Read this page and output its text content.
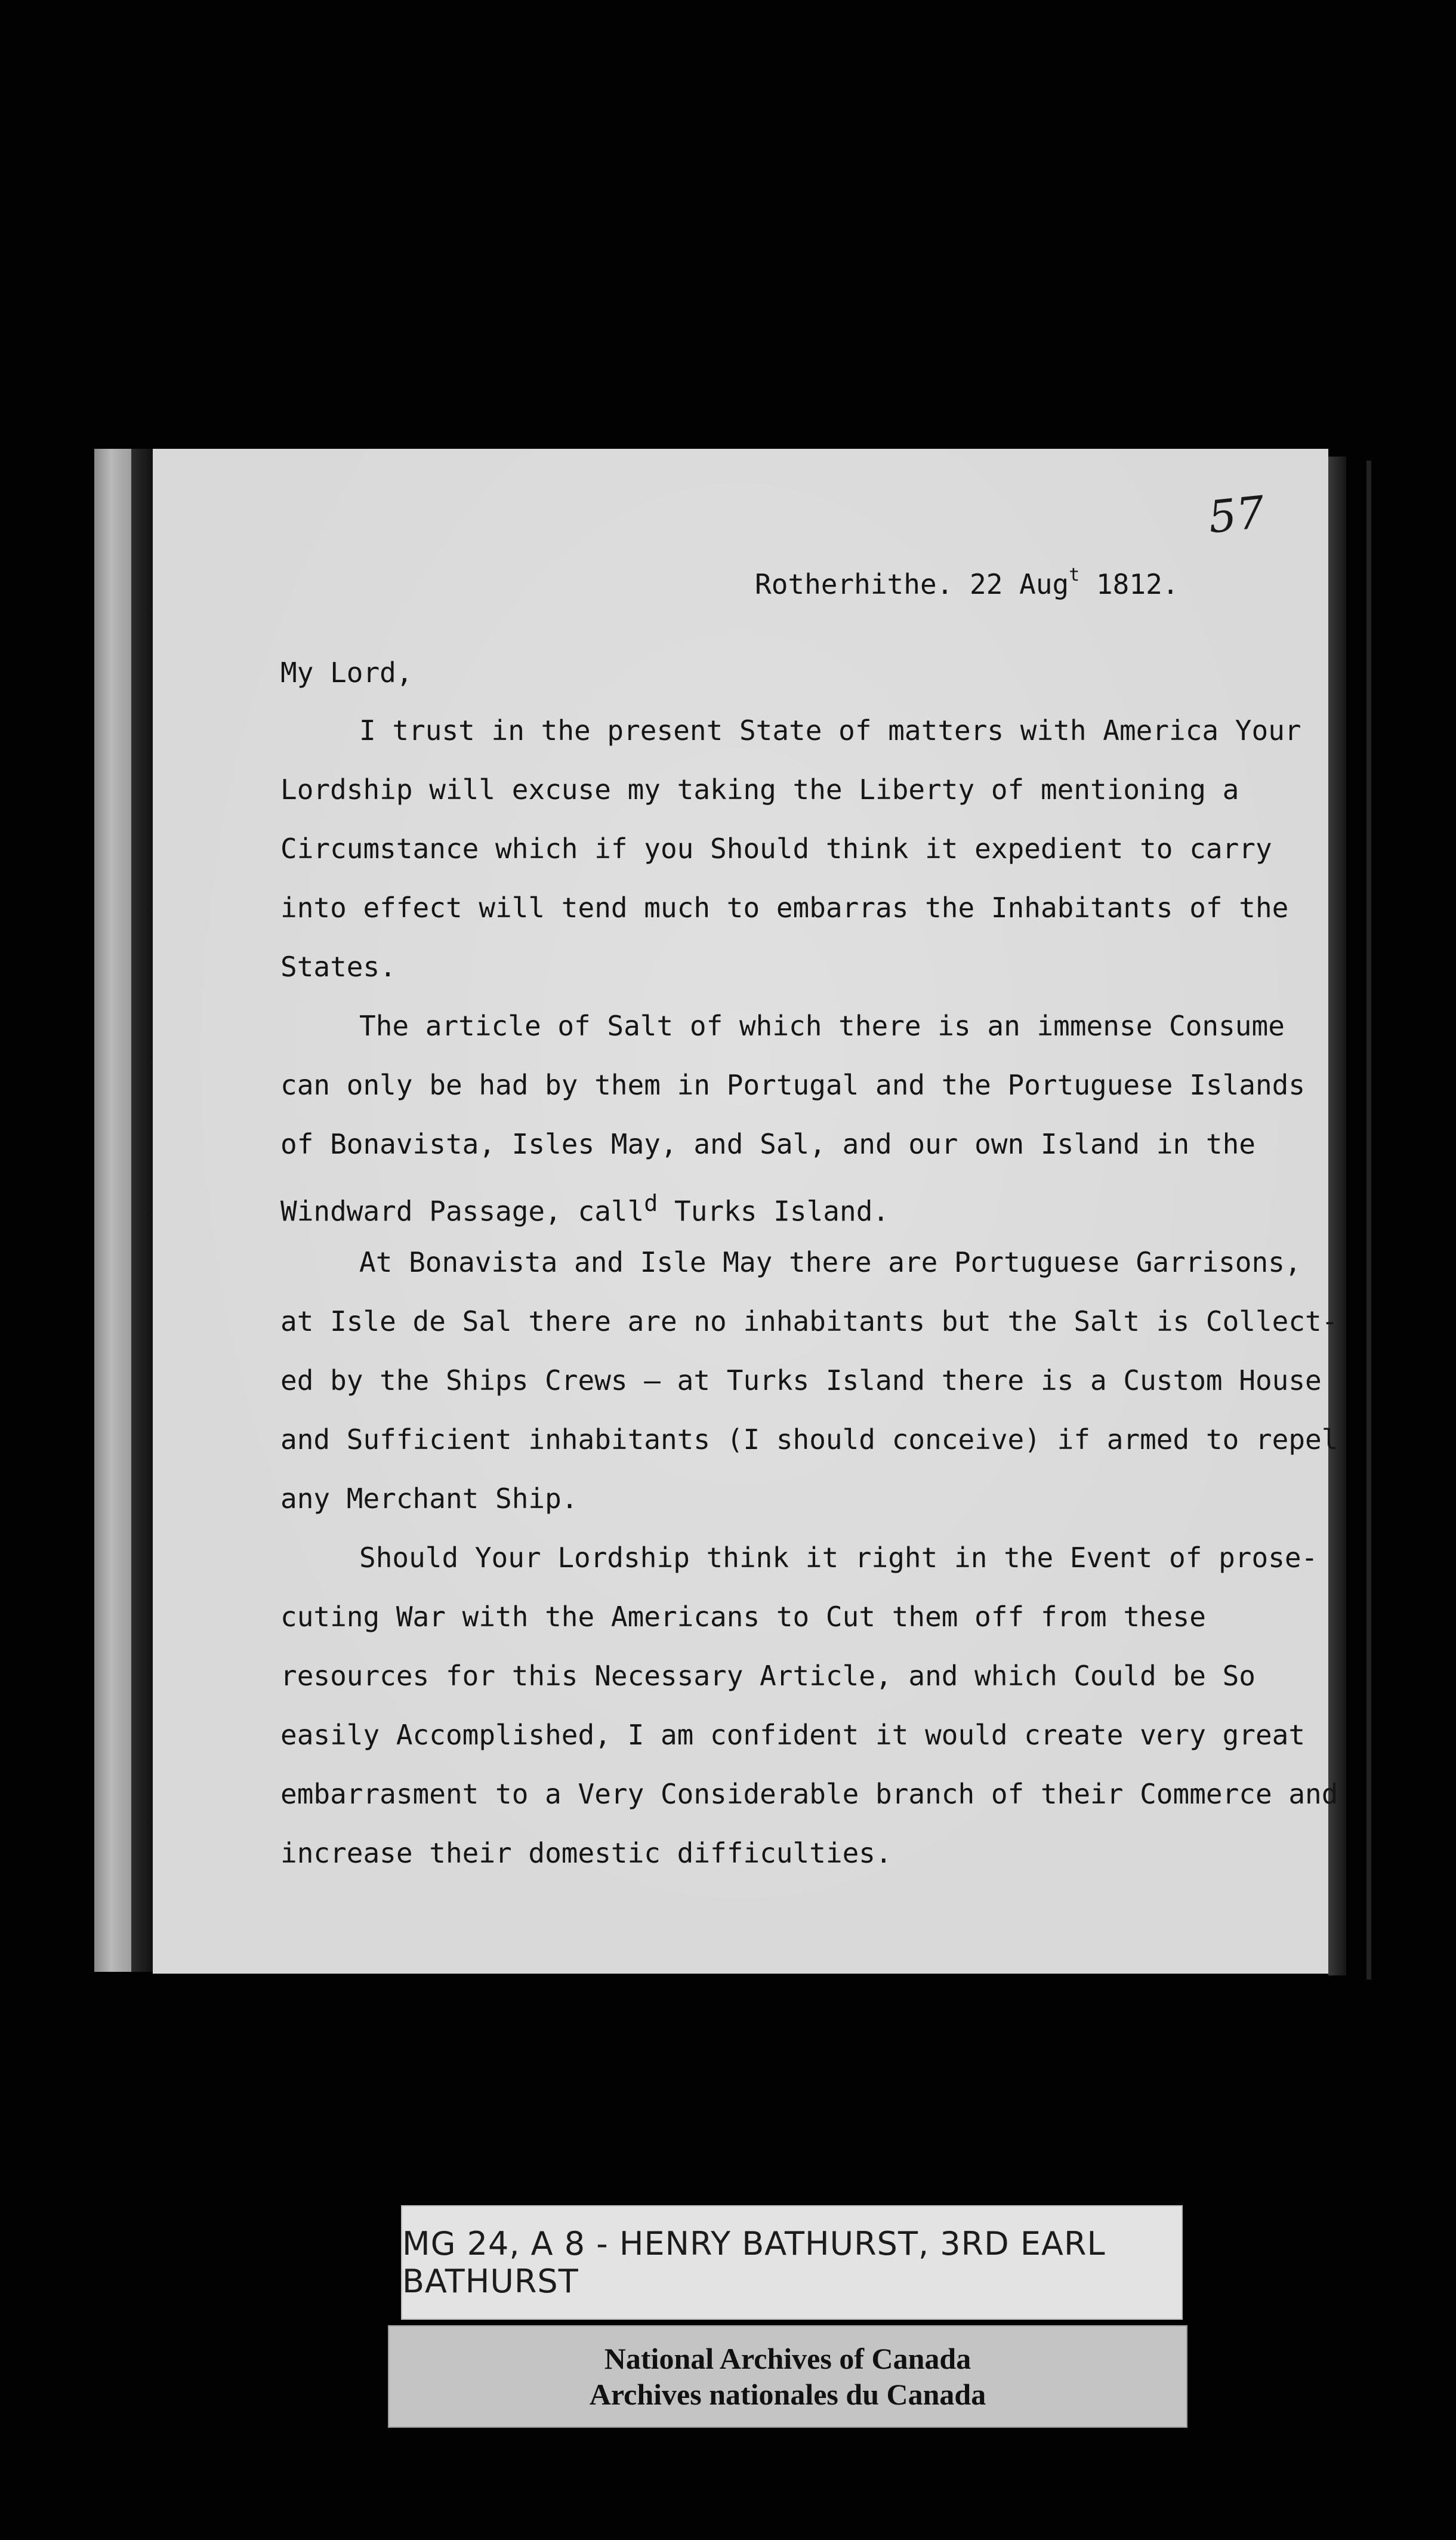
57
Rotherhithe. 22 Aug$^t$ 1812.
My Lord,
I trust in the present State of matters with America Your
Lordship will excuse my taking the Liberty of mentioning a
Circumstance which if you Should think it expedient to carry
into effect will tend much to embarras the Inhabitants of the
States.
The article of Salt of which there is an immense Consume
can only be had by them in Portugal and the Portuguese Islands
of Bonavista, Isles May, and Sal, and our own Island in the
Windward Passage, call$^d$ Turks Island.
At Bonavista and Isle May there are Portuguese Garrisons,
at Isle de Sal there are no inhabitants but the Salt is Collect-
ed by the Ships Crews — at Turks Island there is a Custom House
and Sufficient inhabitants (I should conceive) if armed to repel
any Merchant Ship.
Should Your Lordship think it right in the Event of prose-
cuting War with the Americans to Cut them off from these
resources for this Necessary Article, and which Could be So
easily Accomplished, I am confident it would create very great
embarrasment to a Very Considerable branch of their Commerce and
increase their domestic difficulties.
MG 24, A 8 - HENRY BATHURST, 3RD EARL BATHURST
National Archives of Canada
Archives nationales du Canada
